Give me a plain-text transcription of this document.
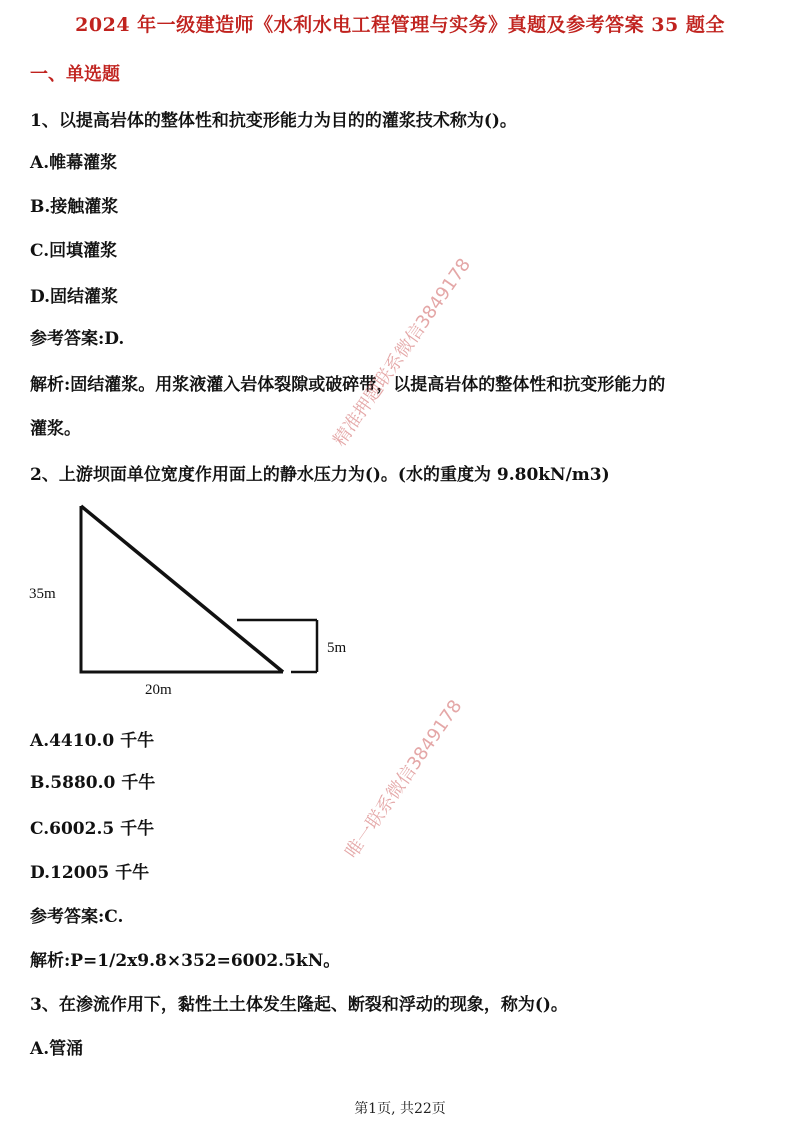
2024 年一级建造师《水利水电工程管理与实务》真题及参考答案 35 题全
一、单选题
1、以提高岩体的整体性和抗变形能力为目的的灌浆技术称为()。
A.帷幕灌浆
B.接触灌浆
C.回填灌浆
D.固结灌浆
参考答案:D.
解析:固结灌浆。用浆液灌入岩体裂隙或破碎带，以提高岩体的整体性和抗变形能力的
灌浆。
2、上游坝面单位宽度作用面上的静水压力为()。(水的重度为 9.80kN/m3)
35m
20m
5m
A.4410.0 千牛
B.5880.0 千牛
C.6002.5 千牛
D.12005 千牛
参考答案:C.
解析:P=1/2x9.8×352=6002.5kN。
3、在渗流作用下，黏性土土体发生隆起、断裂和浮动的现象，称为()。
A.管涌
精准押题联系微信3849178
唯一联系微信3849178
第1页, 共22页
